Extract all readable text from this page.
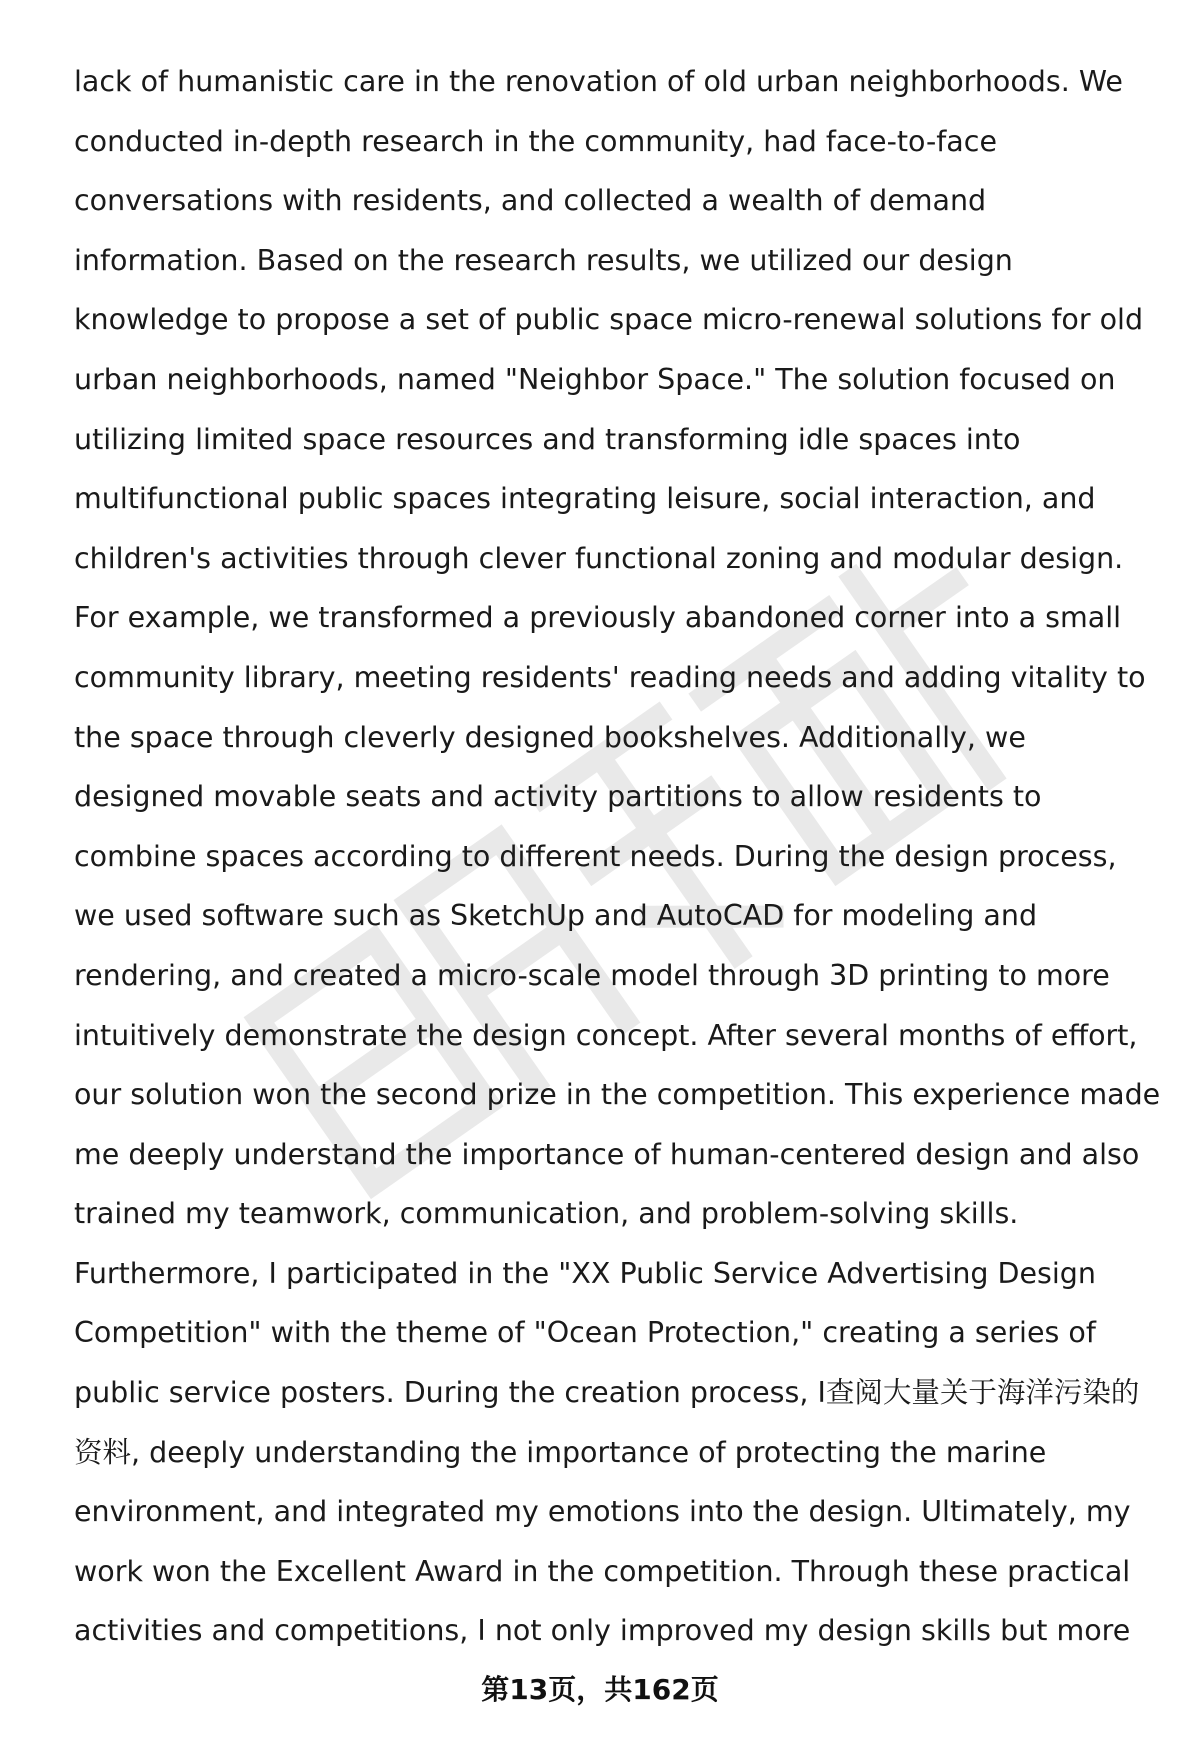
lack of humanistic care in the renovation of old urban neighborhoods. We
conducted in-depth research in the community, had face-to-face
conversations with residents, and collected a wealth of demand
information. Based on the research results, we utilized our design
knowledge to propose a set of public space micro-renewal solutions for old
urban neighborhoods, named "Neighbor Space." The solution focused on
utilizing limited space resources and transforming idle spaces into
multifunctional public spaces integrating leisure, social interaction, and
children's activities through clever functional zoning and modular design.
For example, we transformed a previously abandoned corner into a small
community library, meeting residents' reading needs and adding vitality to
the space through cleverly designed bookshelves. Additionally, we
designed movable seats and activity partitions to allow residents to
combine spaces according to different needs. During the design process,
we used software such as SketchUp and AutoCAD for modeling and
rendering, and created a micro-scale model through 3D printing to more
intuitively demonstrate the design concept. After several months of effort,
our solution won the second prize in the competition. This experience made
me deeply understand the importance of human-centered design and also
trained my teamwork, communication, and problem-solving skills.
Furthermore, I participated in the "XX Public Service Advertising Design
Competition" with the theme of "Ocean Protection," creating a series of
public service posters. During the creation process, I查阅大量关于海洋污染的
资料, deeply understanding the importance of protecting the marine
environment, and integrated my emotions into the design. Ultimately, my
work won the Excellent Award in the competition. Through these practical
activities and competitions, I not only improved my design skills but more
第13页，共162页
